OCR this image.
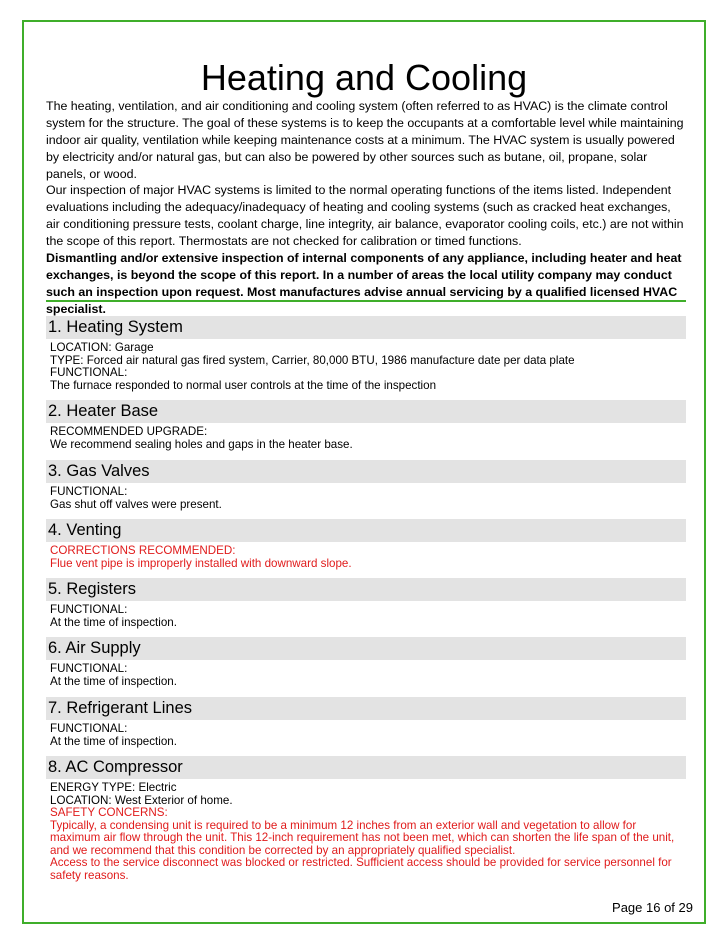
Heating and Cooling
The heating, ventilation, and air conditioning and cooling system (often referred to as HVAC) is the climate control system for the structure. The goal of these systems is to keep the occupants at a comfortable level while maintaining indoor air quality, ventilation while keeping maintenance costs at a minimum. The HVAC system is usually powered by electricity and/or natural gas, but can also be powered by other sources such as butane, oil, propane, solar panels, or wood.
Our inspection of major HVAC systems is limited to the normal operating functions of the items listed. Independent evaluations including the adequacy/inadequacy of heating and cooling systems (such as cracked heat exchanges, air conditioning pressure tests, coolant charge, line integrity, air balance, evaporator cooling coils, etc.) are not within the scope of this report. Thermostats are not checked for calibration or timed functions.
Dismantling and/or extensive inspection of internal components of any appliance, including heater and heat exchanges, is beyond the scope of this report. In a number of areas the local utility company may conduct such an inspection upon request. Most manufactures advise annual servicing by a qualified licensed HVAC specialist.
1. Heating System
LOCATION: Garage
TYPE: Forced air natural gas fired system, Carrier, 80,000 BTU, 1986 manufacture date per data plate
FUNCTIONAL:
The furnace responded to normal user controls at the time of the inspection
2. Heater Base
RECOMMENDED UPGRADE:
We recommend sealing holes and gaps in the heater base.
3. Gas Valves
FUNCTIONAL:
Gas shut off valves were present.
4. Venting
CORRECTIONS RECOMMENDED:
Flue vent pipe is improperly installed with downward slope.
5. Registers
FUNCTIONAL:
At the time of inspection.
6. Air Supply
FUNCTIONAL:
At the time of inspection.
7. Refrigerant Lines
FUNCTIONAL:
At the time of inspection.
8. AC Compressor
ENERGY TYPE: Electric
LOCATION: West Exterior of home.
SAFETY CONCERNS:
Typically, a condensing unit is required to be a minimum 12 inches from an exterior wall and vegetation to allow for maximum air flow through the unit. This 12-inch requirement has not been met, which can shorten the life span of the unit, and we recommend that this condition be corrected by an appropriately qualified specialist.
Access to the service disconnect was blocked or restricted. Sufficient access should be provided for service personnel for safety reasons.
Page 16 of 29
